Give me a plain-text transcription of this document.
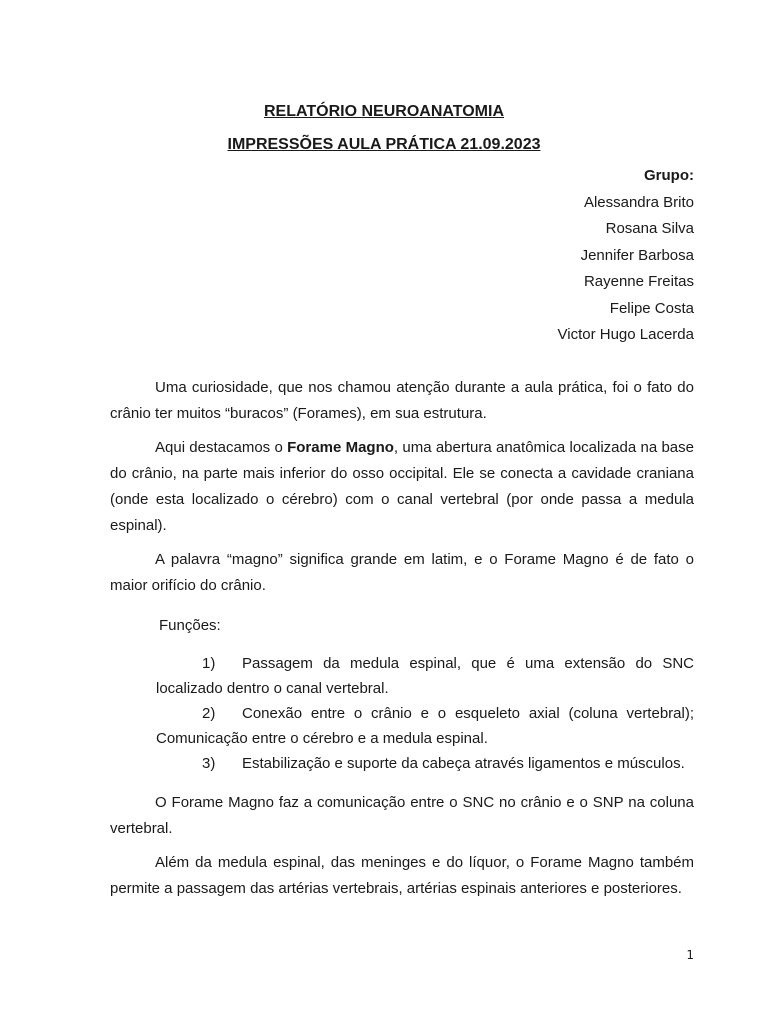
RELATÓRIO NEUROANATOMIA
IMPRESSÕES AULA PRÁTICA 21.09.2023
Grupo:
Alessandra Brito
Rosana Silva
Jennifer Barbosa
Rayenne Freitas
Felipe Costa
Victor Hugo Lacerda

Uma curiosidade, que nos chamou atenção durante a aula prática, foi o fato do crânio ter muitos “buracos” (Forames), em sua estrutura.

Aqui destacamos o Forame Magno, uma abertura anatômica localizada na base do crânio, na parte mais inferior do osso occipital. Ele se conecta a cavidade craniana (onde esta localizado o cérebro) com o canal vertebral (por onde passa a medula espinal).

A palavra “magno” significa grande em latim, e o Forame Magno é de fato o maior orifício do crânio.

Funções:
1) Passagem da medula espinal, que é uma extensão do SNC localizado dentro o canal vertebral.
2) Conexão entre o crânio e o esqueleto axial (coluna vertebral); Comunicação entre o cérebro e a medula espinal.
3) Estabilização e suporte da cabeça através ligamentos e músculos.

O Forame Magno faz a comunicação entre o SNC no crânio e o SNP na coluna vertebral.

Além da medula espinal, das meninges e do líquor, o Forame Magno também permite a passagem das artérias vertebrais, artérias espinais anteriores e posteriores.

1
